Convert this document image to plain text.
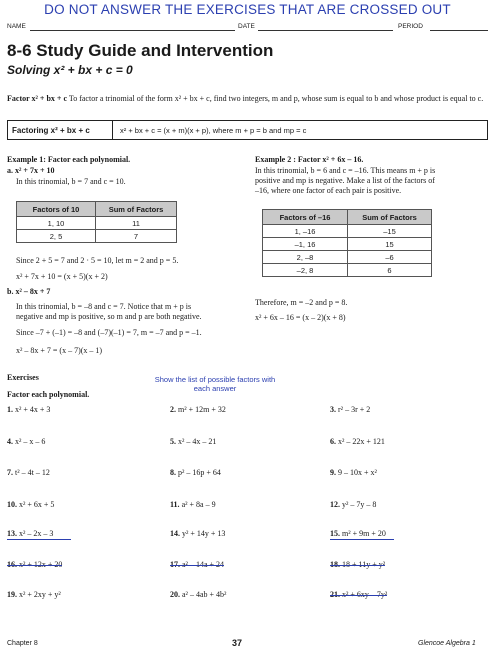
DO NOT ANSWER THE EXERCISES THAT ARE CROSSED OUT
NAME	DATE	PERIOD
8-6 Study Guide and Intervention
Solving x² + bx + c = 0
Factor x² + bx + c To factor a trinomial of the form x² + bx + c, find two integers, m and p, whose sum is equal to b and whose product is equal to c.
Factoring x² + bx + c	x² + bx + c = (x + m)(x + p), where m + p = b and mp = c
Example 1: Factor each polynomial.
a. x² + 7x + 10
In this trinomial, b = 7 and c = 10.
Factors of 10	Sum of Factors
1, 10	11
2, 5	7
Since 2 + 5 = 7 and 2 · 5 = 10, let m = 2 and p = 5.
x² + 7x + 10 = (x + 5)(x + 2)
b. x² – 8x + 7
In this trinomial, b = –8 and c = 7. Notice that m + p is
negative and mp is positive, so m and p are both negative.
Since –7 + (–1) = –8 and (–7)(–1) = 7, m = –7 and p = –1.
x² – 8x + 7 = (x – 7)(x – 1)
Example 2 : Factor x² + 6x – 16.
In this trinomial, b = 6 and c = –16. This means m + p is
positive and mp is negative. Make a list of the factors of
–16, where one factor of each pair is positive.
Factors of –16	Sum of Factors
1, –16	–15
–1, 16	15
2, –8	–6
–2, 8	6
Therefore, m = –2 and p = 8.
x² + 6x – 16 = (x – 2)(x + 8)
Exercises
Factor each polynomial.
Show the list of possible factors with
each answer
1. x² + 4x + 3	2. m² + 12m + 32	3. r² – 3r + 2
4. x² – x – 6	5. x² – 4x – 21	6. x² – 22x + 121
7. t² – 4t – 12	8. p² – 16p + 64	9. 9 – 10x + x²
10. x² + 6x + 5	11. a² + 8a – 9	12. y² – 7y – 8
13. x² – 2x – 3	14. y² + 14y + 13	15. m² + 9m + 20
16. x² + 12x + 20	17. a² – 14a + 24	18. 18 + 11y + y²
19. x² + 2xy + y²	20. a² – 4ab + 4b²	21. x² + 6xy – 7y²
Chapter 8	37	Glencoe Algebra 1
